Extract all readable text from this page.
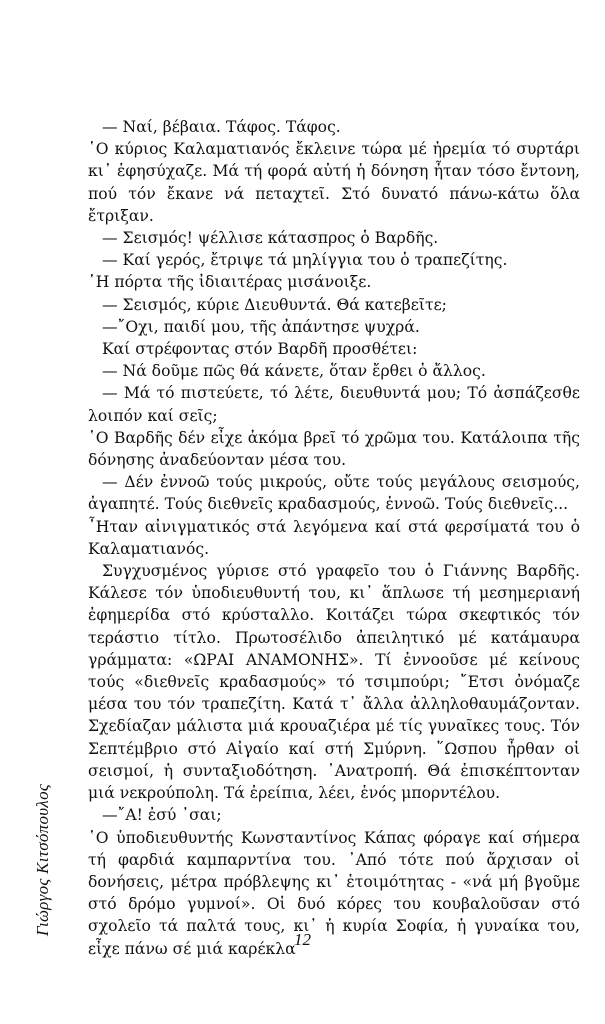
— Ναί, βέβαια. Τάφος. Τάφος.

῾Ο κύριος Καλαματιανός ἔκλεινε τώρα μέ ἠρεμία τό συρτάρι κι᾽ ἐφησύχαζε. Μά τή φορά αὐτή ἡ δόνηση ἦταν τόσο ἔντονη, πού τόν ἔκανε νά πεταχτεῖ. Στό δυνατό πάνω-κάτω ὅλα ἔτριξαν.

— Σεισμός! ψέλλισε κάτασπρος ὁ Βαρδῆς.

— Καί γερός, ἔτριψε τά μηλίγγια του ὁ τραπεζίτης.

῾Η πόρτα τῆς ἰδιαιτέρας μισάνοιξε.

— Σεισμός, κύριε Διευθυντά. Θά κατεβεῖτε;

—῎Οχι, παιδί μου, τῆς ἀπάντησε ψυχρά.

Καί στρέφοντας στόν Βαρδῆ προσθέτει:

— Νά δοῦμε πῶς θά κάνετε, ὅταν ἔρθει ὁ ἄλλος.

— Μά τό πιστεύετε, τό λέτε, διευθυντά μου; Τό ἀσπάζεσθε λοιπόν καί σεῖς;

῾Ο Βαρδῆς δέν εἶχε ἀκόμα βρεῖ τό χρῶμα του. Κατάλοιπα τῆς δόνησης ἀναδεύονταν μέσα του.

— Δέν ἐννοῶ τούς μικρούς, οὔτε τούς μεγάλους σεισμούς, ἀγαπητέ. Τούς διεθνεῖς κραδασμούς, ἐννοῶ. Τούς διεθνεῖς...

῏Ηταν αἰνιγματικός στά λεγόμενα καί στά φερσίματά του ὁ Καλαματιανός.

Συγχυσμένος γύρισε στό γραφεῖο του ὁ Γιάννης Βαρδῆς. Κάλεσε τόν ὑποδιευθυντή του, κι᾽ ἅπλωσε τή μεσημεριανή ἐφημερίδα στό κρύσταλλο. Κοιτάζει τώρα σκεφτικός τόν τεράστιο τίτλο. Πρωτοσέλιδο ἀπειλητικό μέ κατάμαυρα γράμματα: «ΩΡΑΙ ΑΝΑΜΟΝΗΣ». Τί ἐννοοῦσε μέ κείνους τούς «διεθνεῖς κραδασμούς» τό τσιμπούρι; ῎Ετσι ὀνόμαζε μέσα του τόν τραπεζίτη. Κατά τ᾽ ἄλλα ἀλληλοθαυμάζονταν. Σχεδίαζαν μάλιστα μιά κρουαζιέρα μέ τίς γυναῖκες τους. Τόν Σεπτέμβριο στό Αἰγαίο καί στή Σμύρνη. ῞Ωσπου ἦρθαν οἱ σεισμοί, ἡ συνταξιοδότηση. ᾽Ανατροπή. Θά ἐπισκέπτονταν μιά νεκρούπολη. Τά ἐρείπια, λέει, ἑνός μπορντέλου.

—῎Α! ἐσύ ᾽σαι;

῾Ο ὑποδιευθυντής Κωνσταντίνος Κάπας φόραγε καί σήμερα τή φαρδιά καμπαρντίνα του. ᾽Από τότε πού ἄρχισαν οἱ δονήσεις, μέτρα πρόβλεψης κι᾽ ἑτοιμότητας - «νά μή βγοῦμε στό δρόμο γυμνοί». Οἱ δυό κόρες του κουβαλοῦσαν στό σχολεῖο τά παλτά τους, κι᾽ ἡ κυρία Σοφία, ἡ γυναίκα του, εἶχε πάνω σέ μιά καρέκλα

Γιώργος Κιτσόπουλος
12
